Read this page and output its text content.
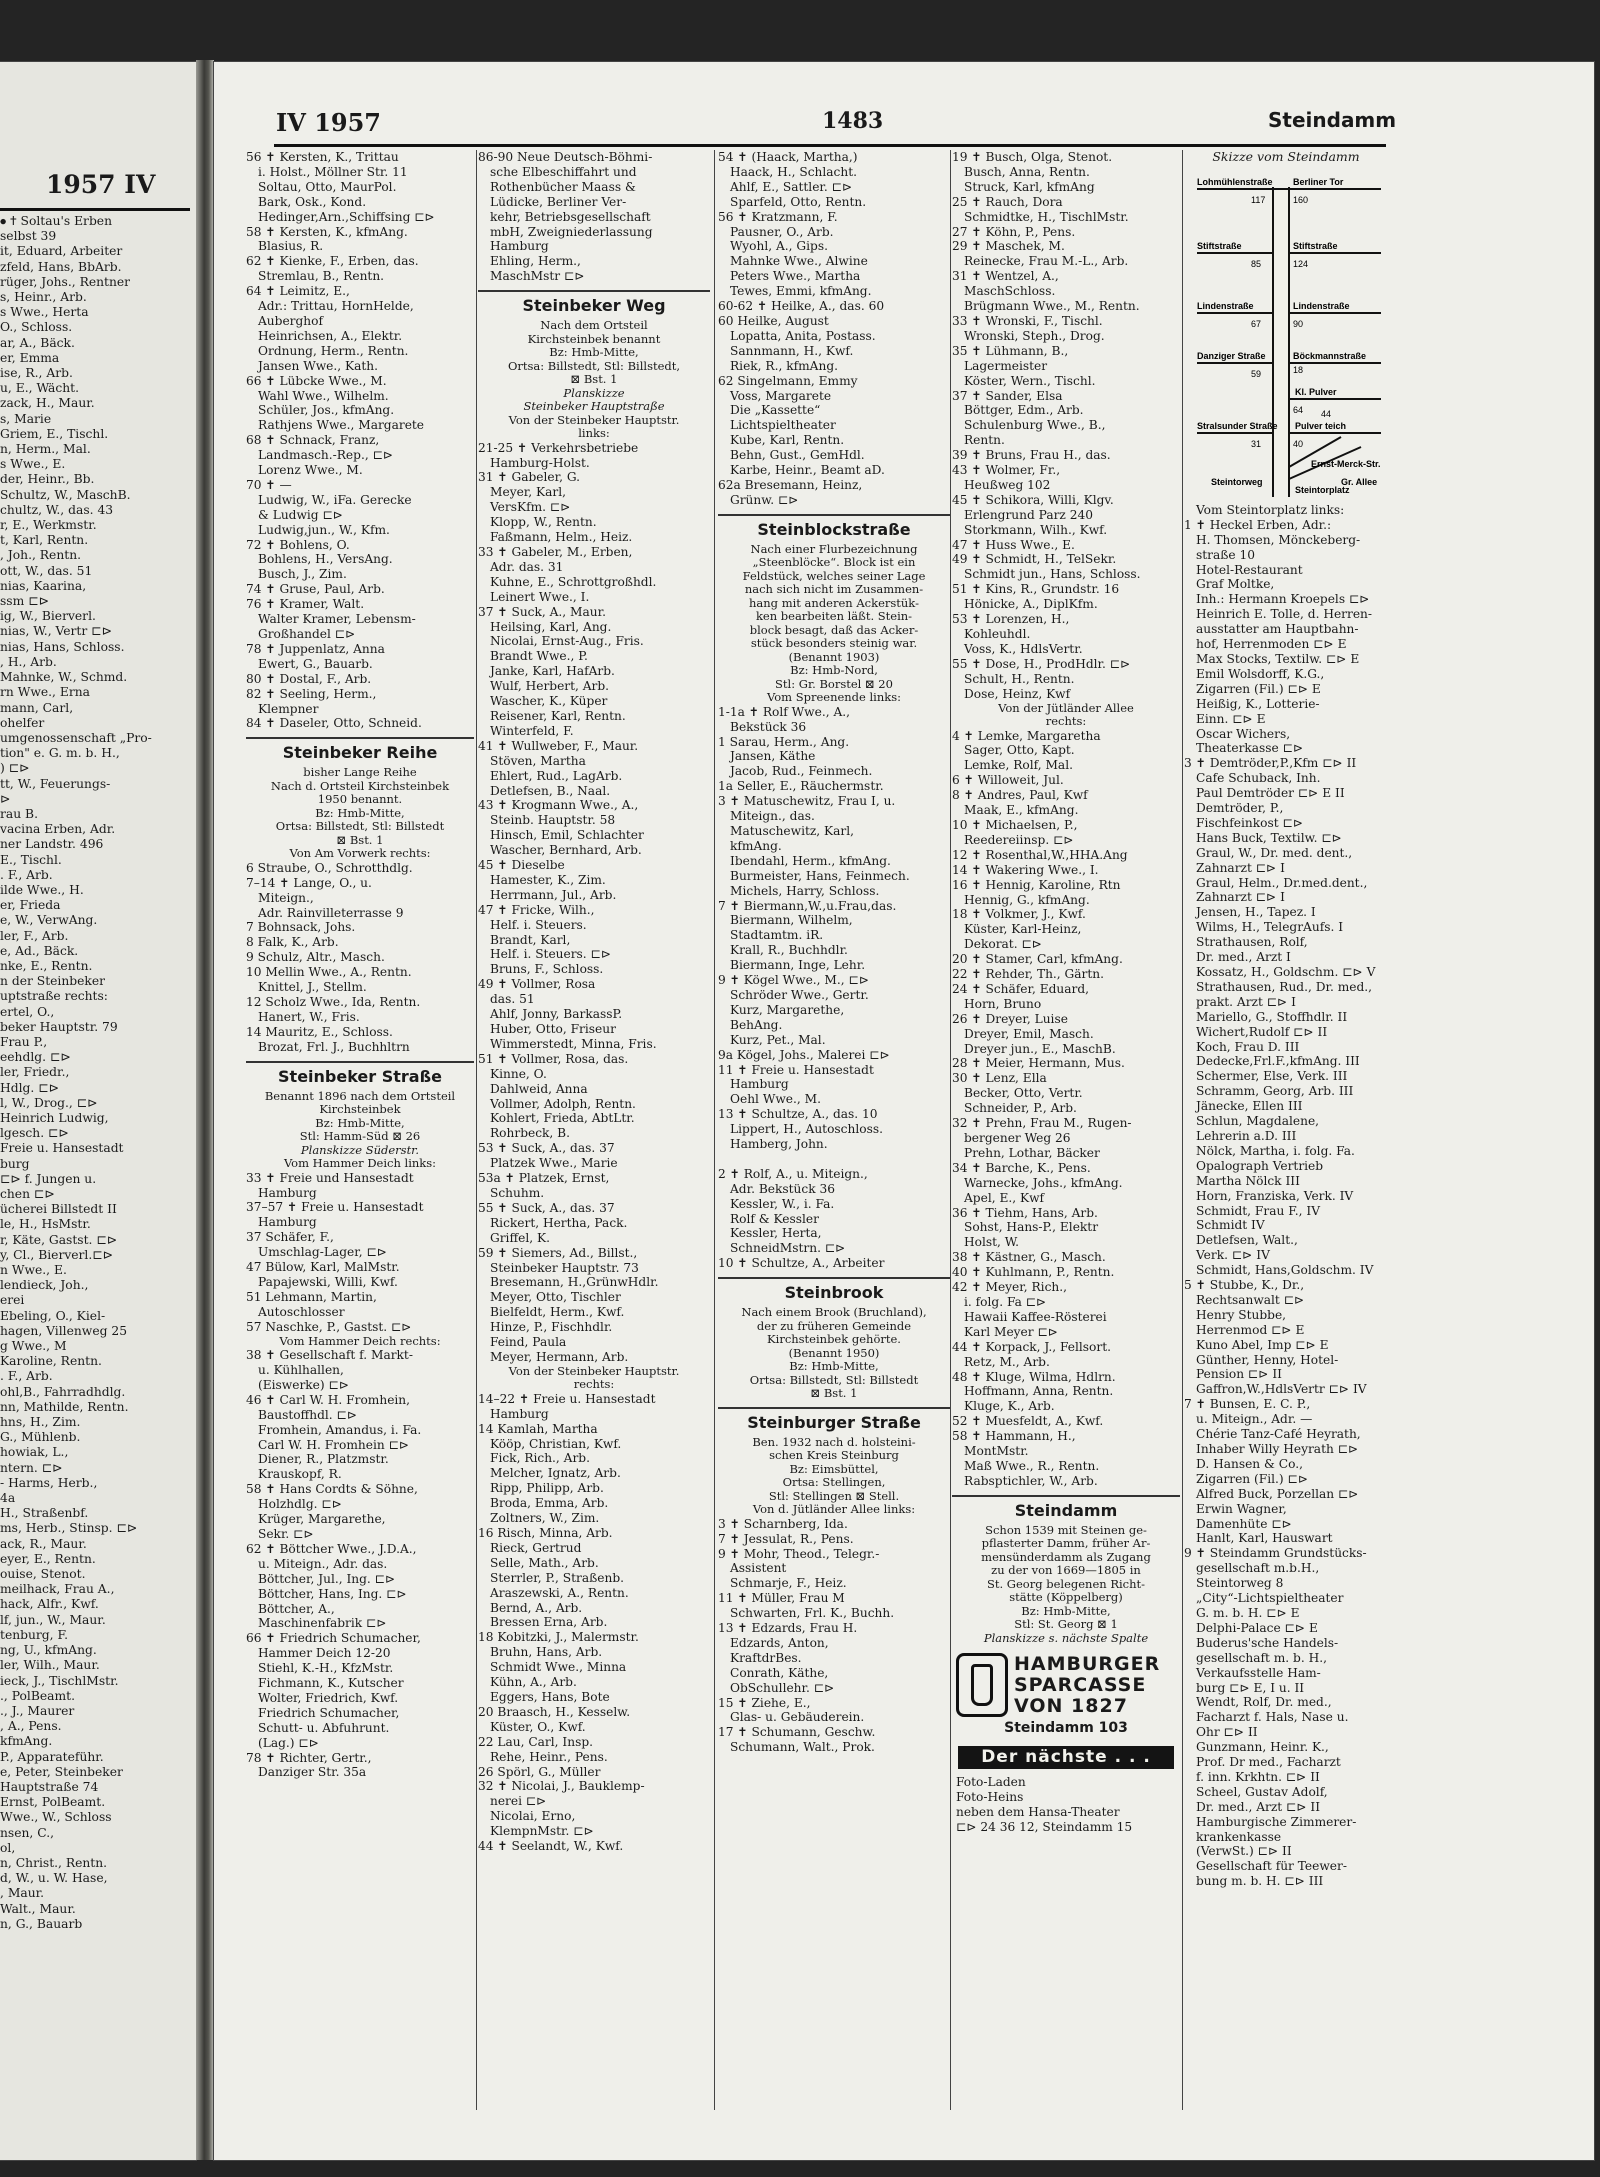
1957 IV
⦁ ✝ Soltau's Erben
selbst 39
it, Eduard, Arbeiter
zfeld, Hans, BbArb.
rüger, Johs., Rentner
s, Heinr., Arb.
s Wwe., Herta
O., Schloss.
ar, A., Bäck.
er, Emma
ise, R., Arb.
u, E., Wächt.
zack, H., Maur.
s, Marie
Griem, E., Tischl.
n, Herm., Mal.
s Wwe., E.
der, Heinr., Bb.
Schultz, W., MaschB.
chultz, W., das. 43
r, E., Werkmstr.
t, Karl, Rentn.
, Joh., Rentn.
ott, W., das. 51
nias, Kaarina,
ssm ⊏⊳
ig, W., Bierverl.
nias, W., Vertr ⊏⊳
nias, Hans, Schloss.
, H., Arb.
Mahnke, W., Schmd.
rn Wwe., Erna
mann, Carl,
ohelfer
umgenossenschaft „Pro-
tion" e. G. m. b. H.,
) ⊏⊳
tt, W., Feuerungs-
⊳
rau B.
vacina Erben, Adr.
ner Landstr. 496
E., Tischl.
. F., Arb.
ilde Wwe., H.
er, Frieda
e, W., VerwAng.
ler, F., Arb.
e, Ad., Bäck.
nke, E., Rentn.
n der Steinbeker
uptstraße rechts:
ertel, O.,
beker Hauptstr. 79
Frau P.,
eehdlg. ⊏⊳
ler, Friedr.,
Hdlg. ⊏⊳
l, W., Drog., ⊏⊳
Heinrich Ludwig,
lgesch. ⊏⊳
Freie u. Hansestadt
burg
⊏⊳ f. Jungen u.
chen ⊏⊳
ücherei Billstedt II
le, H., HsMstr.
r, Käte, Gastst. ⊏⊳
y, Cl., Bierverl.⊏⊳
n Wwe., E.
lendieck, Joh.,
erei
Ebeling, O., Kiel-
hagen, Villenweg 25
g Wwe., M
Karoline, Rentn.
. F., Arb.
ohl,B., Fahrradhdlg.
nn, Mathilde, Rentn.
hns, H., Zim.
G., Mühlenb.
howiak, L.,
ntern. ⊏⊳
- Harms, Herb.,
4a
H., Straßenbf.
ms, Herb., Stinsp. ⊏⊳
ack, R., Maur.
eyer, E., Rentn.
ouise, Stenot.
meilhack, Frau A.,
hack, Alfr., Kwf.
lf, jun., W., Maur.
tenburg, F.
ng, U., kfmAng.
ler, Wilh., Maur.
ieck, J., TischlMstr.
., PolBeamt.
., J., Maurer
, A., Pens.
kfmAng.
P., Apparateführ.
e, Peter, Steinbeker
Hauptstraße 74
Ernst, PolBeamt.
Wwe., W., Schloss
nsen, C.,
ol,
n, Christ., Rentn.
d, W., u. W. Hase,
, Maur.
Walt., Maur.
n, G., Bauarb
IV 1957	1483	Steindamm
56 ✝ Kersten, K., Trittau
i. Holst., Möllner Str. 11
Soltau, Otto, MaurPol.
Bark, Osk., Kond.
Hedinger,Arn.,Schiffsing ⊏⊳
58 ✝ Kersten, K., kfmAng.
Blasius, R.
62 ✝ Kienke, F., Erben, das.
Stremlau, B., Rentn.
64 ✝ Leimitz, E.,
Adr.: Trittau, HornHelde,
Auberghof
Heinrichsen, A., Elektr.
Ordnung, Herm., Rentn.
Jansen Wwe., Kath.
66 ✝ Lübcke Wwe., M.
Wahl Wwe., Wilhelm.
Schüler, Jos., kfmAng.
Rathjens Wwe., Margarete
68 ✝ Schnack, Franz,
Landmasch.-Rep., ⊏⊳
Lorenz Wwe., M.
70 ✝ —
Ludwig, W., iFa. Gerecke
& Ludwig ⊏⊳
Ludwig,jun., W., Kfm.
72 ✝ Bohlens, O.
Bohlens, H., VersAng.
Busch, J., Zim.
74 ✝ Gruse, Paul, Arb.
76 ✝ Kramer, Walt.
Walter Kramer, Lebensm-
Großhandel ⊏⊳
78 ✝ Juppenlatz, Anna
Ewert, G., Bauarb.
80 ✝ Dostal, F., Arb.
82 ✝ Seeling, Herm.,
Klempner
84 ✝ Daseler, Otto, Schneid.
Steinbeker Reihe
bisher Lange Reihe
Nach d. Ortsteil Kirchsteinbek
1950 benannt.
Bz: Hmb-Mitte,
Ortsa: Billstedt, Stl: Billstedt
⊠ Bst. 1
Von Am Vorwerk rechts:
6 Straube, O., Schrotthdlg.
7–14 ✝ Lange, O., u.
Miteign.,
Adr. Rainvilleterrasse 9
7 Bohnsack, Johs.
8 Falk, K., Arb.
9 Schulz, Altr., Masch.
10 Mellin Wwe., A., Rentn.
Knittel, J., Stellm.
12 Scholz Wwe., Ida, Rentn.
Hanert, W., Fris.
14 Mauritz, E., Schloss.
Brozat, Frl. J., Buchhltrn
Steinbeker Straße
Benannt 1896 nach dem Ortsteil
Kirchsteinbek
Bz: Hmb-Mitte,
Stl: Hamm-Süd ⊠ 26
Planskizze Süderstr.
Vom Hammer Deich links:
33 ✝ Freie und Hansestadt
Hamburg
37–57 ✝ Freie u. Hansestadt
Hamburg
37 Schäfer, F.,
Umschlag-Lager, ⊏⊳
47 Bülow, Karl, MalMstr.
Papajewski, Willi, Kwf.
51 Lehmann, Martin,
Autoschlosser
57 Naschke, P., Gastst. ⊏⊳
Vom Hammer Deich rechts:
38 ✝ Gesellschaft f. Markt-
u. Kühlhallen,
(Eiswerke) ⊏⊳
46 ✝ Carl W. H. Fromhein,
Baustoffhdl. ⊏⊳
Fromhein, Amandus, i. Fa.
Carl W. H. Fromhein ⊏⊳
Diener, R., Platzmstr.
Krauskopf, R.
58 ✝ Hans Cordts & Söhne,
Holzhdlg. ⊏⊳
Krüger, Margarethe,
Sekr. ⊏⊳
62 ✝ Böttcher Wwe., J.D.A.,
u. Miteign., Adr. das.
Böttcher, Jul., Ing. ⊏⊳
Böttcher, Hans, Ing. ⊏⊳
Böttcher, A.,
Maschinenfabrik ⊏⊳
66 ✝ Friedrich Schumacher,
Hammer Deich 12-20
Stiehl, K.-H., KfzMstr.
Fichmann, K., Kutscher
Wolter, Friedrich, Kwf.
Friedrich Schumacher,
Schutt- u. Abfuhrunt.
(Lag.) ⊏⊳
78 ✝ Richter, Gertr.,
Danziger Str. 35a
86-90 Neue Deutsch-Böhmi-
sche Elbeschiffahrt und
Rothenbücher Maass &
Lüdicke, Berliner Ver-
kehr, Betriebsgesellschaft
mbH, Zweigniederlassung
Hamburg
Ehling, Herm.,
MaschMstr ⊏⊳
Steinbeker Weg
Nach dem Ortsteil
Kirchsteinbek benannt
Bz: Hmb-Mitte,
Ortsa: Billstedt, Stl: Billstedt,
⊠ Bst. 1
Planskizze
Steinbeker Hauptstraße
Von der Steinbeker Hauptstr.
links:
21-25 ✝ Verkehrsbetriebe
Hamburg-Holst.
31 ✝ Gabeler, G.
Meyer, Karl,
VersKfm. ⊏⊳
Klopp, W., Rentn.
Faßmann, Helm., Heiz.
33 ✝ Gabeler, M., Erben,
Adr. das. 31
Kuhne, E., Schrottgroßhdl.
Leinert Wwe., I.
37 ✝ Suck, A., Maur.
Heilsing, Karl, Ang.
Nicolai, Ernst-Aug., Fris.
Brandt Wwe., P.
Janke, Karl, HafArb.
Wulf, Herbert, Arb.
Wascher, K., Küper
Reisener, Karl, Rentn.
Winterfeld, F.
41 ✝ Wullweber, F., Maur.
Stöven, Martha
Ehlert, Rud., LagArb.
Detlefsen, B., Naal.
43 ✝ Krogmann Wwe., A.,
Steinb. Hauptstr. 58
Hinsch, Emil, Schlachter
Wascher, Bernhard, Arb.
45 ✝ Dieselbe
Hamester, K., Zim.
Herrmann, Jul., Arb.
47 ✝ Fricke, Wilh.,
Helf. i. Steuers.
Brandt, Karl,
Helf. i. Steuers. ⊏⊳
Bruns, F., Schloss.
49 ✝ Vollmer, Rosa
das. 51
Ahlf, Jonny, BarkassP.
Huber, Otto, Friseur
Wimmerstedt, Minna, Fris.
51 ✝ Vollmer, Rosa, das.
Kinne, O.
Dahlweid, Anna
Vollmer, Adolph, Rentn.
Kohlert, Frieda, AbtLtr.
Rohrbeck, B.
53 ✝ Suck, A., das. 37
Platzek Wwe., Marie
53a ✝ Platzek, Ernst,
Schuhm.
55 ✝ Suck, A., das. 37
Rickert, Hertha, Pack.
Griffel, K.
59 ✝ Siemers, Ad., Billst.,
Steinbeker Hauptstr. 73
Bresemann, H.,GrünwHdlr.
Meyer, Otto, Tischler
Bielfeldt, Herm., Kwf.
Hinze, P., Fischhdlr.
Feind, Paula
Meyer, Hermann, Arb.
Von der Steinbeker Hauptstr.
rechts:
14–22 ✝ Freie u. Hansestadt
Hamburg
14 Kamlah, Martha
Kööp, Christian, Kwf.
Fick, Rich., Arb.
Melcher, Ignatz, Arb.
Ripp, Philipp, Arb.
Broda, Emma, Arb.
Zoltners, W., Zim.
16 Risch, Minna, Arb.
Rieck, Gertrud
Selle, Math., Arb.
Sterrler, P., Straßenb.
Araszewski, A., Rentn.
Bernd, A., Arb.
Bressen Erna, Arb.
18 Kobitzki, J., Malermstr.
Bruhn, Hans, Arb.
Schmidt Wwe., Minna
Kühn, A., Arb.
Eggers, Hans, Bote
20 Braasch, H., Kesselw.
Küster, O., Kwf.
22 Lau, Carl, Insp.
Rehe, Heinr., Pens.
26 Spörl, G., Müller
32 ✝ Nicolai, J., Bauklemp-
nerei ⊏⊳
Nicolai, Erno,
KlempnMstr. ⊏⊳
44 ✝ Seelandt, W., Kwf.
54 ✝ (Haack, Martha,)
Haack, H., Schlacht.
Ahlf, E., Sattler. ⊏⊳
Sparfeld, Otto, Rentn.
56 ✝ Kratzmann, F.
Pausner, O., Arb.
Wyohl, A., Gips.
Mahnke Wwe., Alwine
Peters Wwe., Martha
Tewes, Emmi, kfmAng.
60-62 ✝ Heilke, A., das. 60
60 Heilke, August
Lopatta, Anita, Postass.
Sannmann, H., Kwf.
Riek, R., kfmAng.
62 Singelmann, Emmy
Voss, Margarete
Die „Kassette“
Lichtspieltheater
Kube, Karl, Rentn.
Behn, Gust., GemHdl.
Karbe, Heinr., Beamt aD.
62a Bresemann, Heinz,
Grünw. ⊏⊳
Steinblockstraße
Nach einer Flurbezeichnung
„Steenblöcke“. Block ist ein
Feldstück, welches seiner Lage
nach sich nicht im Zusammen-
hang mit anderen Ackerstük-
ken bearbeiten läßt. Stein-
block besagt, daß das Acker-
stück besonders steinig war.
(Benannt 1903)
Bz: Hmb-Nord,
Stl: Gr. Borstel ⊠ 20
Vom Spreenende links:
1-1a ✝ Rolf Wwe., A.,
Bekstück 36
1 Sarau, Herm., Ang.
Jansen, Käthe
Jacob, Rud., Feinmech.
1a Seller, E., Räuchermstr.
3 ✝ Matuschewitz, Frau I, u.
Miteign., das.
Matuschewitz, Karl,
kfmAng.
Ibendahl, Herm., kfmAng.
Burmeister, Hans, Feinmech.
Michels, Harry, Schloss.
7 ✝ Biermann,W.,u.Frau,das.
Biermann, Wilhelm,
Stadtamtm. iR.
Krall, R., Buchhdlr.
Biermann, Inge, Lehr.
9 ✝ Kögel Wwe., M., ⊏⊳
Schröder Wwe., Gertr.
Kurz, Margarethe,
BehAng.
Kurz, Pet., Mal.
9a Kögel, Johs., Malerei ⊏⊳
11 ✝ Freie u. Hansestadt
Hamburg
Oehl Wwe., M.
13 ✝ Schultze, A., das. 10
Lippert, H., Autoschloss.
Hamberg, John.

2 ✝ Rolf, A., u. Miteign.,
Adr. Bekstück 36
Kessler, W., i. Fa.
Rolf & Kessler
Kessler, Herta,
SchneidMstrn. ⊏⊳
10 ✝ Schultze, A., Arbeiter
Steinbrook
Nach einem Brook (Bruchland),
der zu früheren Gemeinde
Kirchsteinbek gehörte.
(Benannt 1950)
Bz: Hmb-Mitte,
Ortsa: Billstedt, Stl: Billstedt
⊠ Bst. 1
Steinburger Straße
Ben. 1932 nach d. holsteini-
schen Kreis Steinburg
Bz: Eimsbüttel,
Ortsa: Stellingen,
Stl: Stellingen ⊠ Stell.
Von d. Jütländer Allee links:
3 ✝ Scharnberg, Ida.
7 ✝ Jessulat, R., Pens.
9 ✝ Mohr, Theod., Telegr.-
Assistent
Schmarje, F., Heiz.
11 ✝ Müller, Frau M
Schwarten, Frl. K., Buchh.
13 ✝ Edzards, Frau H.
Edzards, Anton,
KraftdrBes.
Conrath, Käthe,
ObSchullehr. ⊏⊳
15 ✝ Ziehe, E.,
Glas- u. Gebäuderein.
17 ✝ Schumann, Geschw.
Schumann, Walt., Prok.
19 ✝ Busch, Olga, Stenot.
Busch, Anna, Rentn.
Struck, Karl, kfmAng
25 ✝ Rauch, Dora
Schmidtke, H., TischlMstr.
27 ✝ Köhn, P., Pens.
29 ✝ Maschek, M.
Reinecke, Frau M.-L., Arb.
31 ✝ Wentzel, A.,
MaschSchloss.
Brügmann Wwe., M., Rentn.
33 ✝ Wronski, F., Tischl.
Wronski, Steph., Drog.
35 ✝ Lühmann, B.,
Lagermeister
Köster, Wern., Tischl.
37 ✝ Sander, Elsa
Böttger, Edm., Arb.
Schulenburg Wwe., B.,
Rentn.
39 ✝ Bruns, Frau H., das.
43 ✝ Wolmer, Fr.,
Heußweg 102
45 ✝ Schikora, Willi, Klgv.
Erlengrund Parz 240
Storkmann, Wilh., Kwf.
47 ✝ Huss Wwe., E.
49 ✝ Schmidt, H., TelSekr.
Schmidt jun., Hans, Schloss.
51 ✝ Kins, R., Grundstr. 16
Hönicke, A., DiplKfm.
53 ✝ Lorenzen, H.,
Kohleuhdl.
Voss, K., HdlsVertr.
55 ✝ Dose, H., ProdHdlr. ⊏⊳
Schult, H., Rentn.
Dose, Heinz, Kwf
Von der Jütländer Allee
rechts:
4 ✝ Lemke, Margaretha
Sager, Otto, Kapt.
Lemke, Rolf, Mal.
6 ✝ Willoweit, Jul.
8 ✝ Andres, Paul, Kwf
Maak, E., kfmAng.
10 ✝ Michaelsen, P.,
Reedereiinsp. ⊏⊳
12 ✝ Rosenthal,W.,HHA.Ang
14 ✝ Wakering Wwe., I.
16 ✝ Hennig, Karoline, Rtn
Hennig, G., kfmAng.
18 ✝ Volkmer, J., Kwf.
Küster, Karl-Heinz,
Dekorat. ⊏⊳
20 ✝ Stamer, Carl, kfmAng.
22 ✝ Rehder, Th., Gärtn.
24 ✝ Schäfer, Eduard,
Horn, Bruno
26 ✝ Dreyer, Luise
Dreyer, Emil, Masch.
Dreyer jun., E., MaschB.
28 ✝ Meier, Hermann, Mus.
30 ✝ Lenz, Ella
Becker, Otto, Vertr.
Schneider, P., Arb.
32 ✝ Prehn, Frau M., Rugen-
bergener Weg 26
Prehn, Lothar, Bäcker
34 ✝ Barche, K., Pens.
Warnecke, Johs., kfmAng.
Apel, E., Kwf
36 ✝ Tiehm, Hans, Arb.
Sohst, Hans-P., Elektr
Holst, W.
38 ✝ Kästner, G., Masch.
40 ✝ Kuhlmann, P., Rentn.
42 ✝ Meyer, Rich.,
i. folg. Fa ⊏⊳
Hawaii Kaffee-Rösterei
Karl Meyer ⊏⊳
44 ✝ Korpack, J., Fellsort.
Retz, M., Arb.
48 ✝ Kluge, Wilma, Hdlrn.
Hoffmann, Anna, Rentn.
Kluge, K., Arb.
52 ✝ Muesfeldt, A., Kwf.
58 ✝ Hammann, H.,
MontMstr.
Maß Wwe., R., Rentn.
Rabsptichler, W., Arb.
Steindamm
Schon 1539 mit Steinen ge-
pflasterter Damm, früher Ar-
mensünderdamm als Zugang
zu der von 1669—1805 in
St. Georg belegenen Richt-
stätte (Köppelberg)
Bz: Hmb-Mitte,
Stl: St. Georg ⊠ 1
Planskizze s. nächste Spalte
HAMBURGER
SPARCASSE
VON 1827
Steindamm 103
Der nächste . . .
Foto-Laden
Foto-Heins
neben dem Hansa-Theater
⊏⊳ 24 36 12, Steindamm 15
Skizze vom Steindamm
Lohmühlenstraße Berliner Tor
Stiftstraße	Stiftstraße
Lindenstraße	Lindenstraße
Danziger Straße	Böckmannstraße
Kl. Pulver
Pulver teich
Stralsunder Straße
Steintorweg
Steintorplatz
Ernst-Merck-Str.
Gr. Allee
117	160
85	124
67	90
59
64
31	40
18
44
Vom Steintorplatz links:
1 ✝ Heckel Erben, Adr.:
H. Thomsen, Mönckeberg-
straße 10
Hotel-Restaurant
Graf Moltke,
Inh.: Hermann Kroepels ⊏⊳
Heinrich E. Tolle, d. Herren-
ausstatter am Hauptbahn-
hof, Herrenmoden ⊏⊳ E
Max Stocks, Textilw. ⊏⊳ E
Emil Wolsdorff, K.G.,
Zigarren (Fil.) ⊏⊳ E
Heißig, K., Lotterie-
Einn. ⊏⊳ E
Oscar Wichers,
Theaterkasse ⊏⊳
3 ✝ Demtröder,P.,Kfm ⊏⊳ II
Cafe Schuback, Inh.
Paul Demtröder ⊏⊳ E II
Demtröder, P.,
Fischfeinkost ⊏⊳
Hans Buck, Textilw. ⊏⊳
Graul, W., Dr. med. dent.,
Zahnarzt ⊏⊳ I
Graul, Helm., Dr.med.dent.,
Zahnarzt ⊏⊳ I
Jensen, H., Tapez. I
Wilms, H., TelegrAufs. I
Strathausen, Rolf,
Dr. med., Arzt I
Kossatz, H., Goldschm. ⊏⊳ V
Strathausen, Rud., Dr. med.,
prakt. Arzt ⊏⊳ I
Mariello, G., Stoffhdlr. II
Wichert,Rudolf ⊏⊳ II
Koch, Frau D. III
Dedecke,Frl.F.,kfmAng. III
Schermer, Else, Verk. III
Schramm, Georg, Arb. III
Jänecke, Ellen III
Schlun, Magdalene,
Lehrerin a.D. III
Nölck, Martha, i. folg. Fa.
Opalograph Vertrieb
Martha Nölck III
Horn, Franziska, Verk. IV
Schmidt, Frau F., IV
Schmidt IV
Detlefsen, Walt.,
Verk. ⊏⊳ IV
Schmidt, Hans,Goldschm. IV
5 ✝ Stubbe, K., Dr.,
Rechtsanwalt ⊏⊳
Henry Stubbe,
Herrenmod ⊏⊳ E
Kuno Abel, Imp ⊏⊳ E
Günther, Henny, Hotel-
Pension ⊏⊳ II
Gaffron,W.,HdlsVertr ⊏⊳ IV
7 ✝ Bunsen, E. C. P.,
u. Miteign., Adr. —
Chérie Tanz-Café Heyrath,
Inhaber Willy Heyrath ⊏⊳
D. Hansen & Co.,
Zigarren (Fil.) ⊏⊳
Alfred Buck, Porzellan ⊏⊳
Erwin Wagner,
Damenhüte ⊏⊳
Hanlt, Karl, Hauswart
9 ✝ Steindamm Grundstücks-
gesellschaft m.b.H.,
Steintorweg 8
„City“-Lichtspieltheater
G. m. b. H. ⊏⊳ E
Delphi-Palace ⊏⊳ E
Buderus'sche Handels-
gesellschaft m. b. H.,
Verkaufsstelle Ham-
burg ⊏⊳ E, I u. II
Wendt, Rolf, Dr. med.,
Facharzt f. Hals, Nase u.
Ohr ⊏⊳ II
Gunzmann, Heinr. K.,
Prof. Dr med., Facharzt
f. inn. Krkhtn. ⊏⊳ II
Scheel, Gustav Adolf,
Dr. med., Arzt ⊏⊳ II
Hamburgische Zimmerer-
krankenkasse
(VerwSt.) ⊏⊳ II
Gesellschaft für Teewer-
bung m. b. H. ⊏⊳ III
